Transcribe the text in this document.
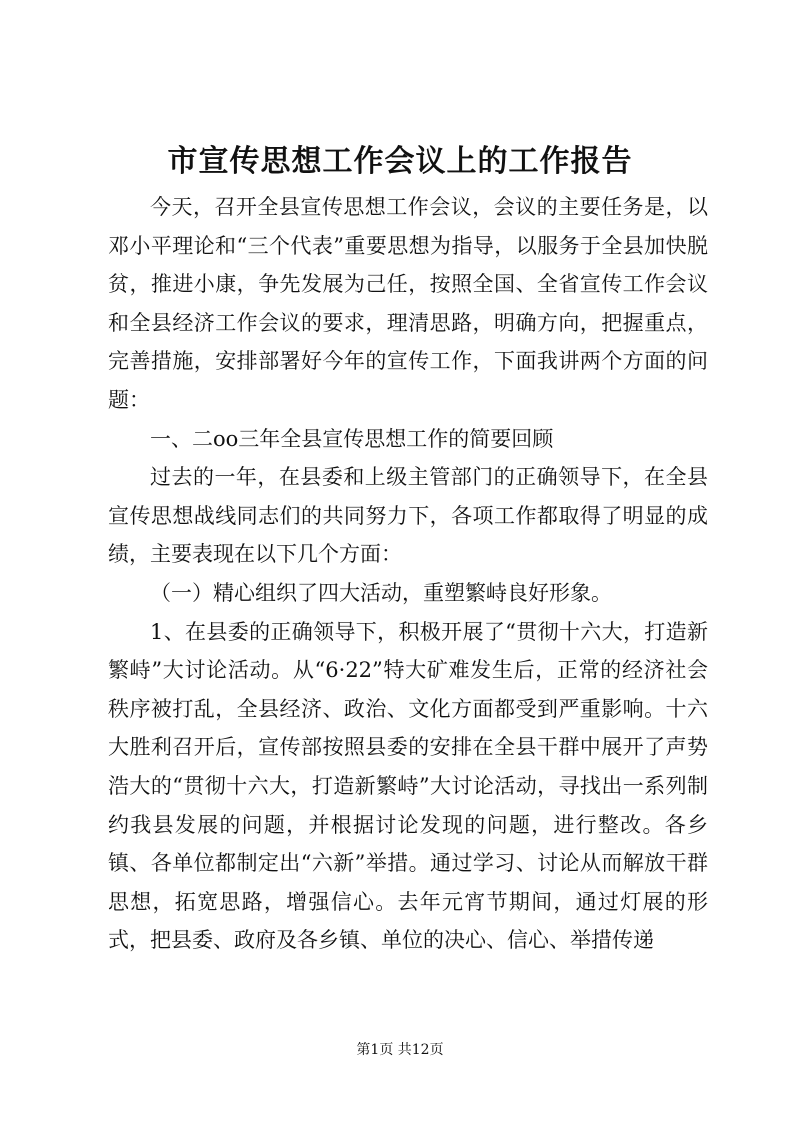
市宣传思想工作会议上的工作报告

今天，召开全县宣传思想工作会议，会议的主要任务是，以邓小平理论和“三个代表”重要思想为指导，以服务于全县加快脱贫，推进小康，争先发展为己任，按照全国、全省宣传工作会议和全县经济工作会议的要求，理清思路，明确方向，把握重点，完善措施，安排部署好今年的宣传工作，下面我讲两个方面的问题：

一、二oo三年全县宣传思想工作的简要回顾

过去的一年，在县委和上级主管部门的正确领导下，在全县宣传思想战线同志们的共同努力下，各项工作都取得了明显的成绩，主要表现在以下几个方面：

（一）精心组织了四大活动，重塑繁峙良好形象。

1、在县委的正确领导下，积极开展了“贯彻十六大，打造新繁峙”大讨论活动。从“6·22”特大矿难发生后，正常的经济社会秩序被打乱，全县经济、政治、文化方面都受到严重影响。十六大胜利召开后，宣传部按照县委的安排在全县干群中展开了声势浩大的“贯彻十六大，打造新繁峙”大讨论活动，寻找出一系列制约我县发展的问题，并根据讨论发现的问题，进行整改。各乡镇、各单位都制定出“六新”举措。通过学习、讨论从而解放干群思想，拓宽思路，增强信心。去年元宵节期间，通过灯展的形式，把县委、政府及各乡镇、单位的决心、信心、举措传递

第1页 共12页
